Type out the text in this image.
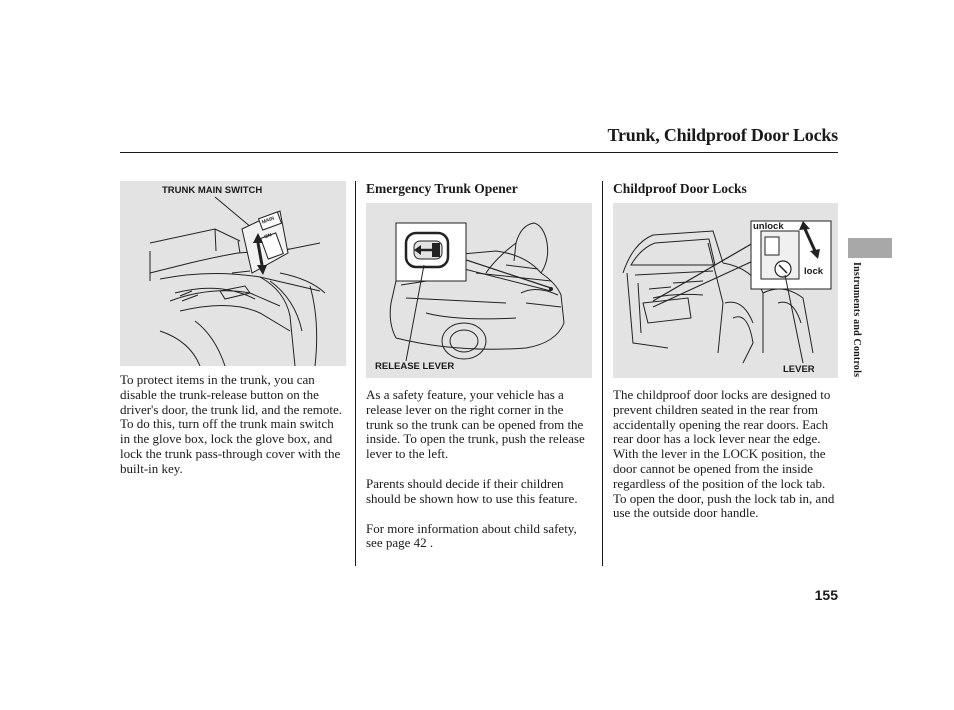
Trunk, Childproof Door Locks
MAIN
ON
TRUNK MAIN SWITCH

To protect items in the trunk, you can disable the trunk-release button on the driver's door, the trunk lid, and the remote. To do this, turn off the trunk main switch in the glove box, lock the glove box, and lock the trunk pass-through cover with the built-in key.

Emergency Trunk Opener
RELEASE LEVER

As a safety feature, your vehicle has a release lever on the right corner in the trunk so the trunk can be opened from the inside. To open the trunk, push the release lever to the left.

Parents should decide if their children should be shown how to use this feature.

For more information about child safety, see page 42 .

Childproof Door Locks
unlock
lock
LEVER

The childproof door locks are designed to prevent children seated in the rear from accidentally opening the rear doors. Each rear door has a lock lever near the edge. With the lever in the LOCK position, the door cannot be opened from the inside regardless of the position of the lock tab. To open the door, push the lock tab in, and use the outside door handle.

Instruments and Controls
155
